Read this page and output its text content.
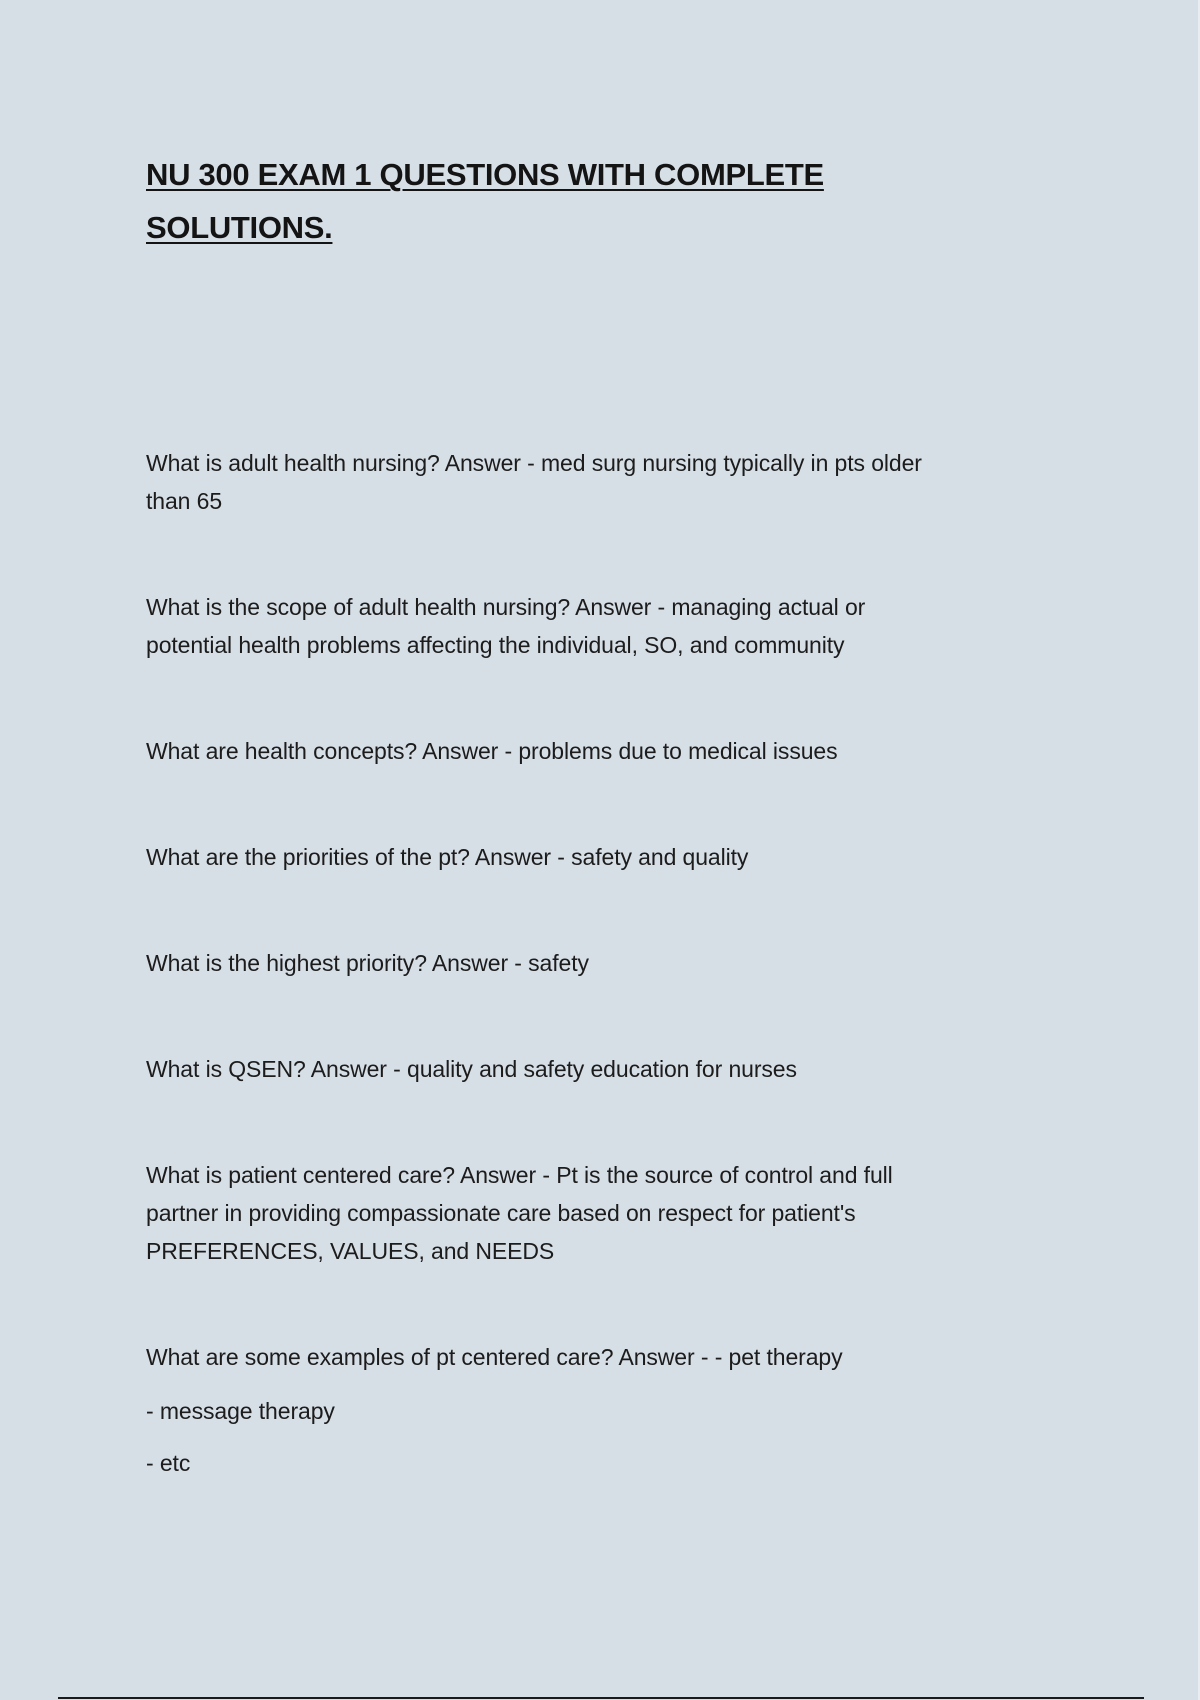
NU 300 EXAM 1 QUESTIONS WITH COMPLETE
SOLUTIONS.

What is adult health nursing? Answer - med surg nursing typically in pts older
than 65

What is the scope of adult health nursing? Answer - managing actual or
potential health problems affecting the individual, SO, and community

What are health concepts? Answer - problems due to medical issues

What are the priorities of the pt? Answer - safety and quality

What is the highest priority? Answer - safety

What is QSEN? Answer - quality and safety education for nurses

What is patient centered care? Answer - Pt is the source of control and full
partner in providing compassionate care based on respect for patient's
PREFERENCES, VALUES, and NEEDS

What are some examples of pt centered care? Answer - - pet therapy
- message therapy
- etc
